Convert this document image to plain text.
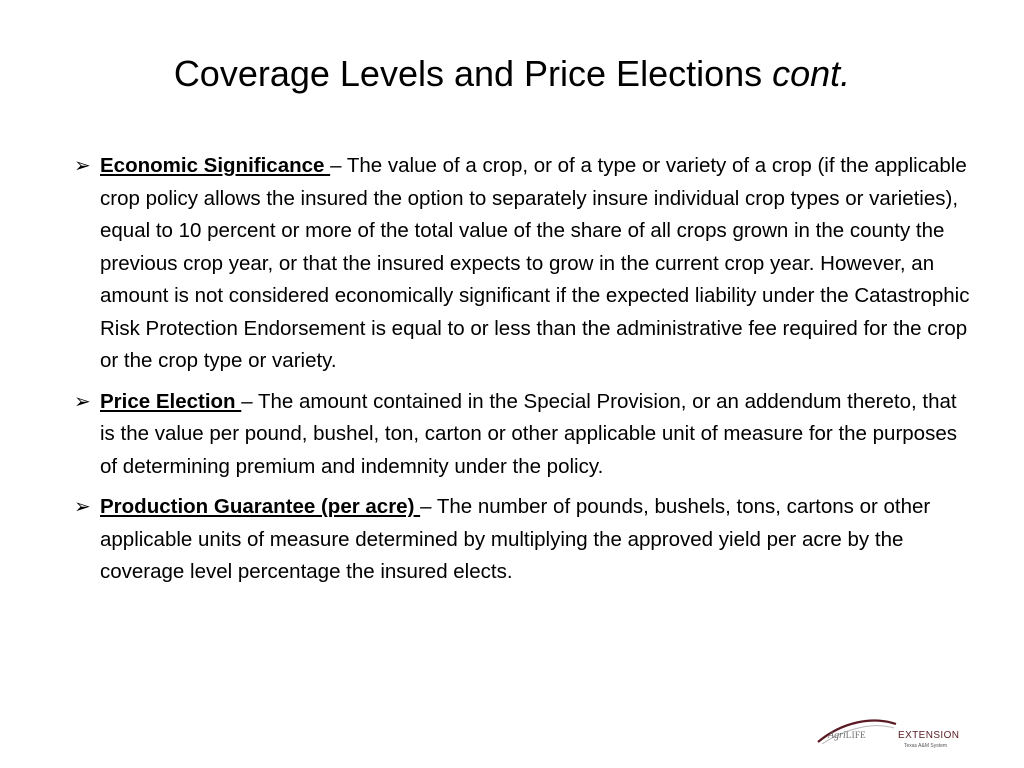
Coverage Levels and Price Elections cont.
➢ Economic Significance – The value of a crop, or of a type or variety of a crop (if the applicable crop policy allows the insured the option to separately insure individual crop types or varieties), equal to 10 percent or more of the total value of the share of all crops grown in the county the previous crop year, or that the insured expects to grow in the current crop year. However, an amount is not considered economically significant if the expected liability under the Catastrophic Risk Protection Endorsement is equal to or less than the administrative fee required for the crop or the crop type or variety.
➢ Price Election – The amount contained in the Special Provision, or an addendum thereto, that is the value per pound, bushel, ton, carton or other applicable unit of measure for the purposes of determining premium and indemnity under the policy.
➢ Production Guarantee (per acre) – The number of pounds, bushels, tons, cartons or other applicable units of measure determined by multiplying the approved yield per acre by the coverage level percentage the insured elects.
AgriLIFE	EXTENSION
Texas A&M System
